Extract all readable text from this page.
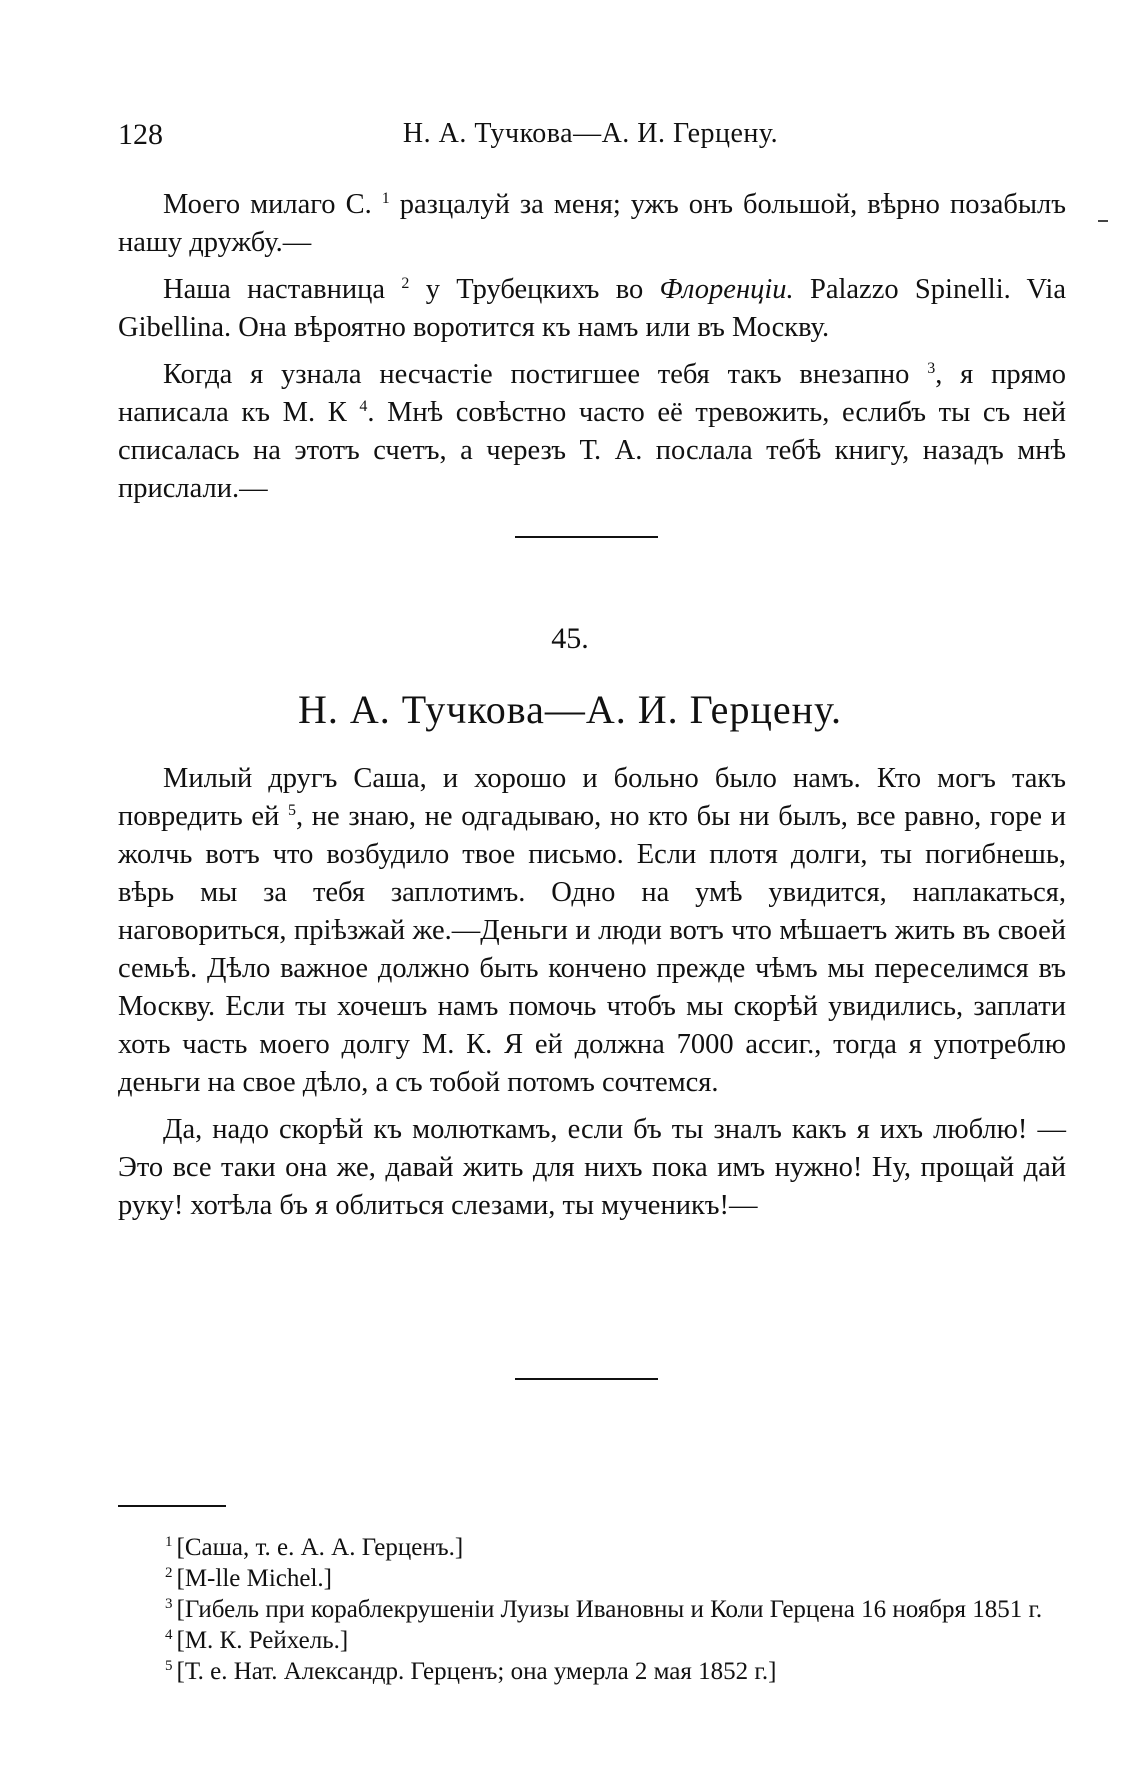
128	Н. А. Тучкова—А. И. Герцену.

Моего милаго С. $^1$ разцалуй за меня; ужъ онъ большой, вѣрно позабылъ нашу дружбу.—

Наша наставница $^2$ у Трубецкихъ во Флоренціи. Palazzo Spinelli. Via Gibellina. Она вѣроятно воротится къ намъ или въ Москву.

Когда я узнала несчастіе постигшее тебя такъ внезапно $^3$, я прямо написала къ М. К $^4$. Мнѣ совѣстно часто её тревожить, еслибъ ты съ ней списалась на этотъ счетъ, а черезъ Т. А. послала тебѣ книгу, назадъ мнѣ прислали.—

45.
Н. А. Тучкова—А. И. Герцену.

Милый другъ Саша, и хорошо и больно было намъ. Кто могъ такъ повредить ей $^5$, не знаю, не одгадываю, но кто бы ни былъ, все равно, горе и жолчь вотъ что возбудило твое письмо. Если плотя долги, ты погибнешь, вѣрь мы за тебя заплотимъ. Одно на умѣ увидится, наплакаться, наговориться, пріѣзжай же.—Деньги и люди вотъ что мѣшаетъ жить въ своей семьѣ. Дѣло важное должно быть кончено прежде чѣмъ мы переселимся въ Москву. Если ты хочешъ намъ помочь чтобъ мы скорѣй увидились, заплати хоть часть моего долгу М. К. Я ей должна 7000 ассиг., тогда я употреблю деньги на свое дѣло, а съ тобой потомъ сочтемся.

Да, надо скорѣй къ молюткамъ, если бъ ты зналъ какъ я ихъ люблю! — Это все таки она же, давай жить для нихъ пока имъ нужно! Ну, прощай дай руку! хотѣла бъ я облиться слезами, ты мученикъ!—

$^1$ [Саша, т. е. А. А. Герценъ.]
$^2$ [M-lle Michel.]
$^3$ [Гибель при кораблекрушеніи Луизы Ивановны и Коли Герцена 16 ноября 1851 г.
$^4$ [М. К. Рейхель.]
$^5$ [Т. е. Нат. Александр. Герценъ; она умерла 2 мая 1852 г.]
